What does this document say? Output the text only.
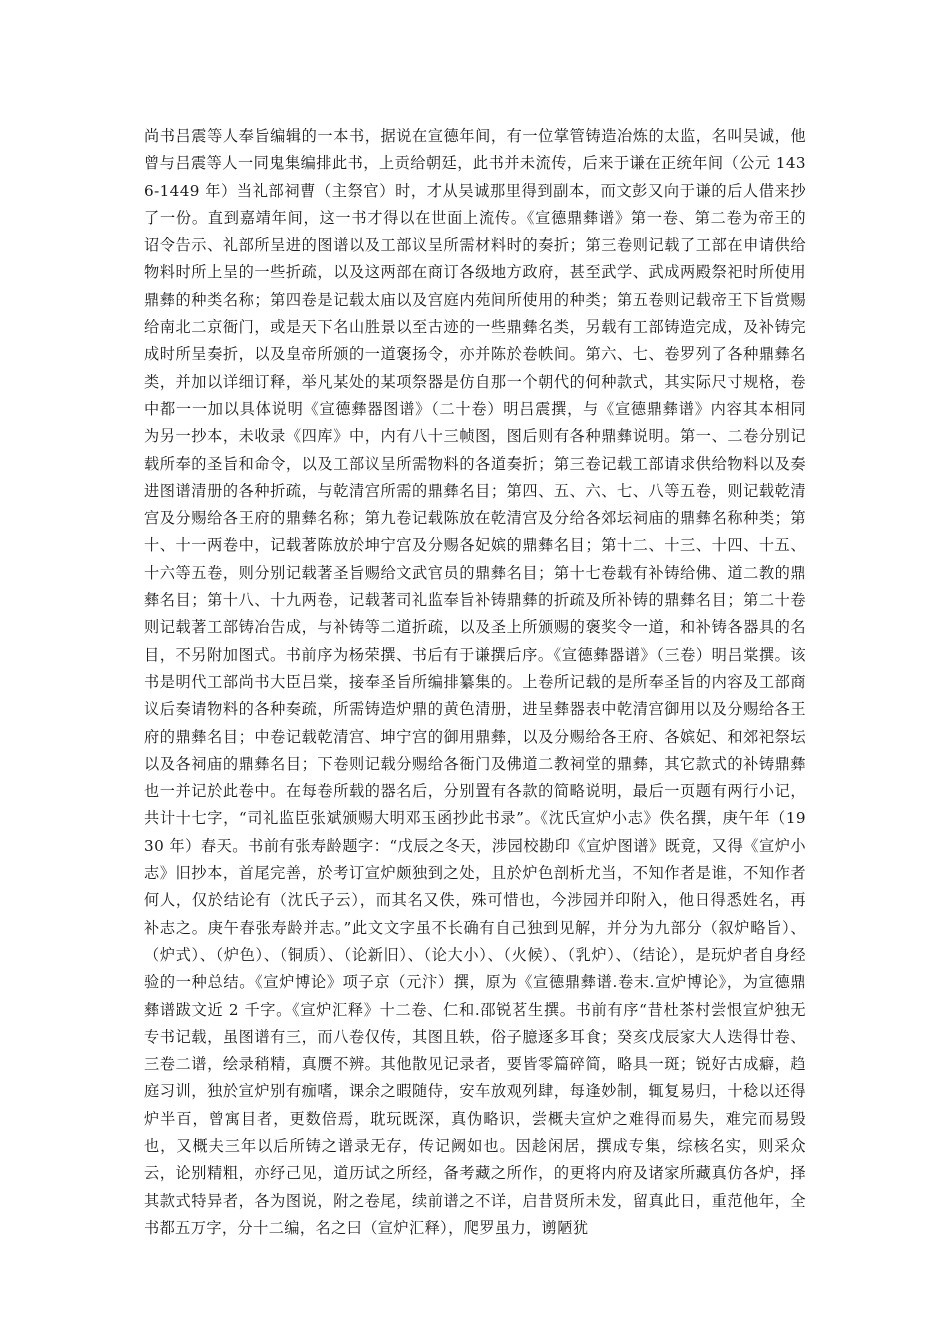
尚书吕震等人奉旨编辑的一本书，据说在宣德年间，有一位掌管铸造冶炼的太监，名叫吴诚，他曾与吕震等人一同鬼集编排此书，上贡给朝廷，此书并未流传，后来于谦在正统年间（公元 1436-1449 年）当礼部祠曹（主祭官）时，才从吴诚那里得到副本，而文彭又向于谦的后人借来抄了一份。直到嘉靖年间，这一书才得以在世面上流传。《宣德鼎彝谱》第一卷、第二卷为帝王的诏令告示、礼部所呈进的图谱以及工部议呈所需材料时的奏折；第三卷则记载了工部在申请供给物料时所上呈的一些折疏，以及这两部在商订各级地方政府，甚至武学、武成两殿祭祀时所使用鼎彝的种类名称；第四卷是记载太庙以及宫庭内苑间所使用的种类；第五卷则记载帝王下旨赏赐给南北二京衙门，或是天下名山胜景以至古迹的一些鼎彝名类，另载有工部铸造完成，及补铸完成时所呈奏折，以及皇帝所颁的一道褒扬令，亦并陈於卷帙间。第六、七、卷罗列了各种鼎彝名类，并加以详细订释，举凡某处的某项祭器是仿自那一个朝代的何种款式，其实际尺寸规格，卷中都一一加以具体说明《宣德彝器图谱》（二十卷）明吕震撰，与《宣德鼎彝谱》内容其本相同为另一抄本，未收录《四库》中，内有八十三帧图，图后则有各种鼎彝说明。第一、二卷分别记载所奉的圣旨和命令，以及工部议呈所需物料的各道奏折；第三卷记载工部请求供给物料以及奏进图谱清册的各种折疏，与乾清宫所需的鼎彝名目；第四、五、六、七、八等五卷，则记载乾清宫及分赐给各王府的鼎彝名称；第九卷记载陈放在乾清宫及分给各郊坛祠庙的鼎彝名称种类；第十、十一两卷中，记载著陈放於坤宁宫及分赐各妃嫔的鼎彝名目；第十二、十三、十四、十五、十六等五卷，则分别记载著圣旨赐给文武官员的鼎彝名目；第十七卷载有补铸给佛、道二教的鼎彝名目；第十八、十九两卷，记载著司礼监奉旨补铸鼎彝的折疏及所补铸的鼎彝名目；第二十卷则记载著工部铸冶告成，与补铸等二道折疏，以及圣上所颁赐的褒奖令一道，和补铸各器具的名目，不另附加图式。书前序为杨荣撰、书后有于谦撰后序。《宣德彝器谱》（三卷）明吕棠撰。该书是明代工部尚书大臣吕棠，接奉圣旨所编排纂集的。上卷所记载的是所奉圣旨的内容及工部商议后奏请物料的各种奏疏，所需铸造炉鼎的黄色清册，进呈彝器表中乾清宫御用以及分赐给各王府的鼎彝名目；中卷记载乾清宫、坤宁宫的御用鼎彝，以及分赐给各王府、各嫔妃、和郊祀祭坛以及各祠庙的鼎彝名目；下卷则记载分赐给各衙门及佛道二教祠堂的鼎彝，其它款式的补铸鼎彝也一并记於此卷中。在每卷所载的器名后，分别置有各款的简略说明，最后一页题有两行小记，共计十七字，“司礼监臣张斌颁赐大明邓玉函抄此书录”。《沈氏宣炉小志》佚名撰，庚午年（1930 年）春天。书前有张寿龄题字：“戊辰之冬天，涉园校勘印《宣炉图谱》既竟，又得《宣炉小志》旧抄本，首尾完善，於考订宣炉颇独到之处，且於炉色剖析尤当，不知作者是谁，不知作者何人，仅於结论有（沈氏子云），而其名又佚，殊可惜也，今涉园并印附入，他日得悉姓名，再补志之。庚午春张寿龄并志。”此文文字虽不长确有自己独到见解，并分为九部分（叙炉略旨）、（炉式）、（炉色）、（铜质）、（论新旧）、（论大小）、（火候）、（乳炉）、（结论），是玩炉者自身经验的一种总结。《宣炉博论》项子京（元汴）撰，原为《宣德鼎彝谱.卷末.宣炉博论》，为宣德鼎彝谱跋文近 2 千字。《宣炉汇释》十二卷、仁和.邵锐茗生撰。书前有序“昔杜茶村尝恨宣炉独无专书记载，虽图谱有三，而八卷仅传，其图且轶，俗子臆逐多耳食；癸亥戊辰家大人迭得廿卷、三卷二谱，绘录稍精，真赝不辨。其他散见记录者，要皆零篇碎简，略具一斑；锐好古成癖，趋庭习训，独於宣炉别有痂嗜，课余之暇随侍，安车放观列肆，每逢妙制，辄复易归，十稔以还得炉半百，曾寓目者，更数倍焉，耽玩既深，真伪略识，尝概夫宣炉之难得而易失，难完而易毁也，又概夫三年以后所铸之谱录无存，传记阙如也。因趁闲居，撰成专集，综核名实，则采众云，论别精粗，亦纾己见，道历试之所经，备考藏之所作，的更将内府及诸家所藏真仿各炉，择其款式特异者，各为图说，附之卷尾，续前谱之不详，启昔贤所未发，留真此日，重范他年，全书都五万字，分十二编，名之曰（宣炉汇释），爬罗虽力，谫陋犹
